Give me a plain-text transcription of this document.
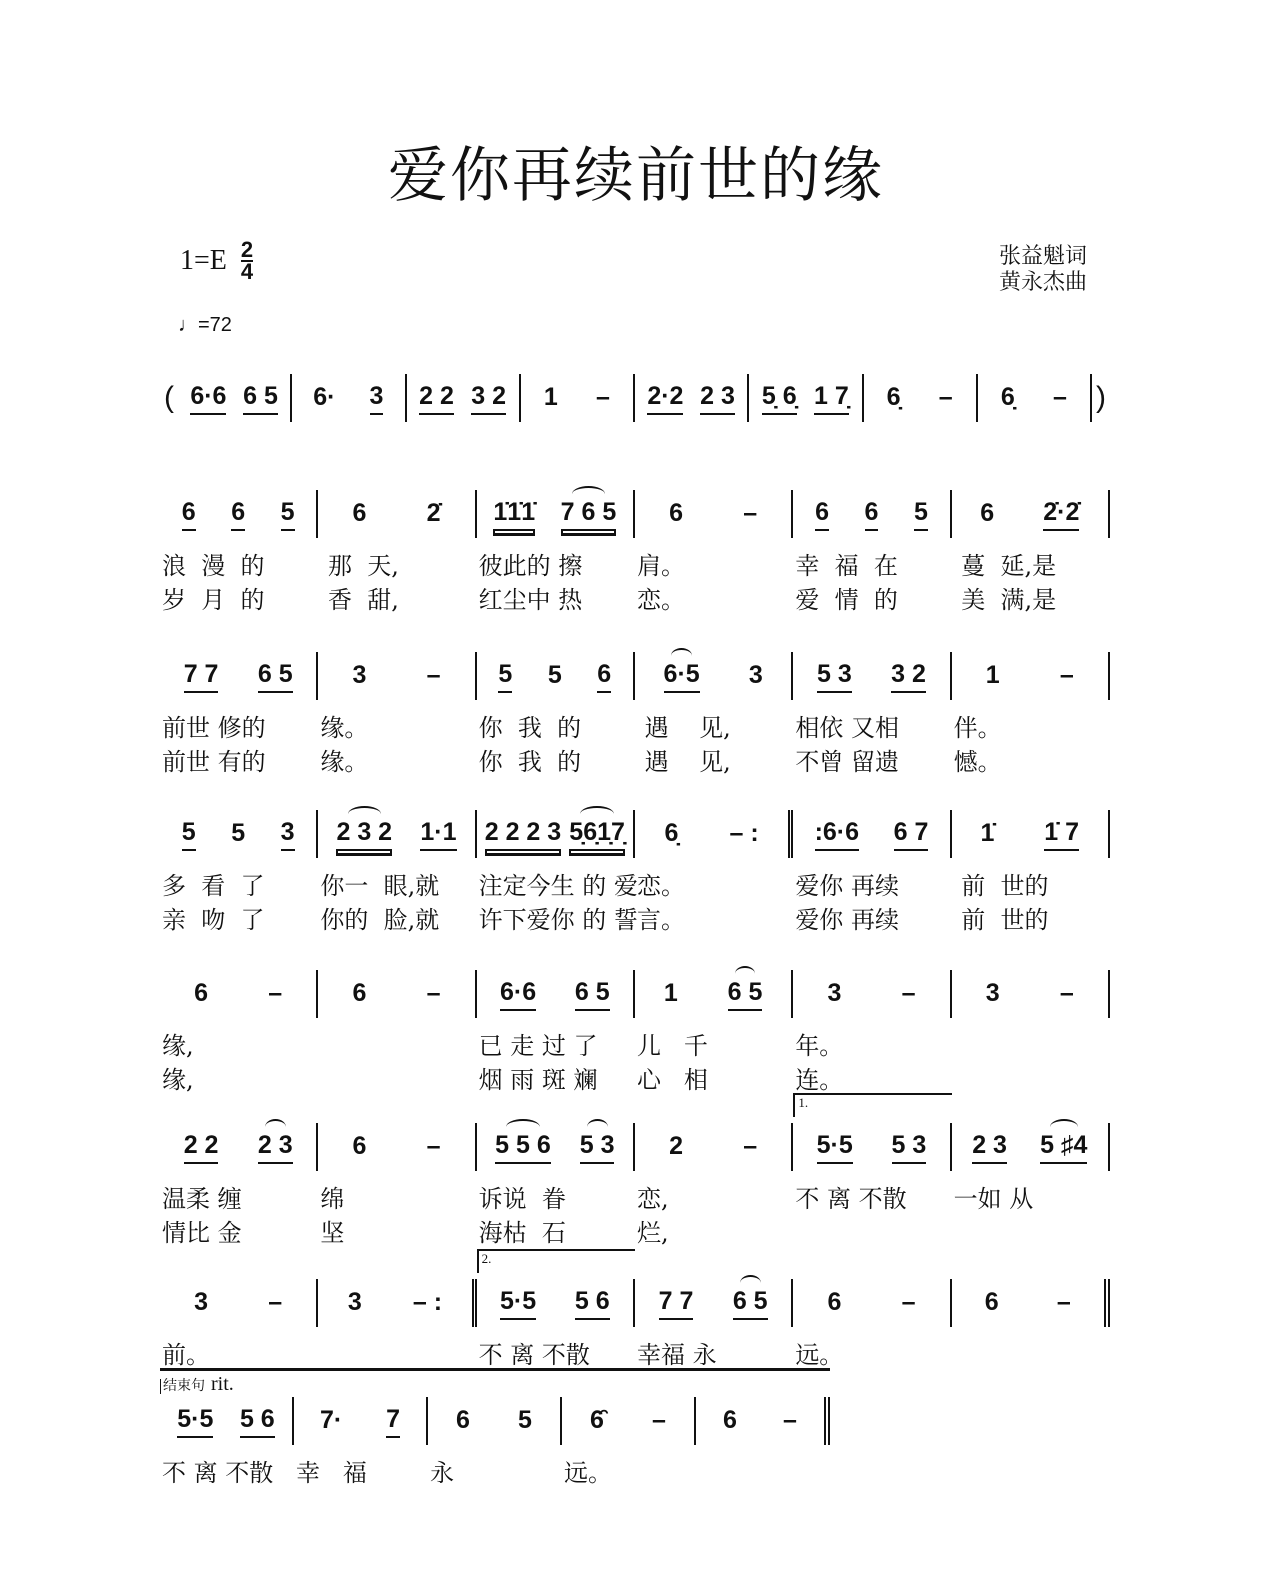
爱你再续前世的缘
$1=E \frac{2}{4}$
♩=72
张益魁词
黄永杰曲
结束句 rit.
( 6·6 6 5 6· 3 2 2 3 2 1 – 2·2 2 3 5̣ 6̣ 1 7̣ 6̣ – 6̣ – )
6 6 5
浪  漫  的
岁  月  的
6 2̇
那  天,
香  甜,
1̇1̇1̇ 7 6 5
彼此的 擦
红尘中 热
6 –
肩。
恋。
6 6 5
幸  福  在
爱  情  的
6 2̇·2̇
蔓  延,是
美  满,是
7 7 6 5
前世 修的
前世 有的
3 –
缘。
缘。
5 5 6
你  我  的
你  我  的
6·5 3
遇    见,
遇    见,
5 3 3 2
相依 又相
不曾 留遗
1 –
伴。
憾。
5 5 3
多  看  了
亲  吻  了
2 3 2 1·1
你一  眼,就
你的  脸,就
2 2 2 3 5̣6̣1̣7̣
注定今生 的 爱
许下爱你 的 誓
6̣ – :
恋。
言。
:6·6 6 7
爱你 再续
爱你 再续
1̇ 1̇ 7
前  世的
前  世的
6 –
缘,
缘,
6 – 6·6 6 5
已 走 过 了
烟 雨 斑 斓
1 6 5
儿   千
心   相
3 –
年。
连。
3 –
2 2 2 3
温柔 缠
情比 金
6 –
绵
坚
5 5 6 5 3
诉说  眷
海枯  石
2 –
恋,
烂,
1.
5·5 5 3
不 离 不散
2 3 5 ♯4
一如 从
3 –
前。
3 – :
2.
5·5 5 6
不 离 不散
7 7 6 5
幸福 永
6 –
远。
6 –
5·5 5 6
不 离 不散
7· 7
幸   福
6 5
永
6̑ –
远。
6 –
